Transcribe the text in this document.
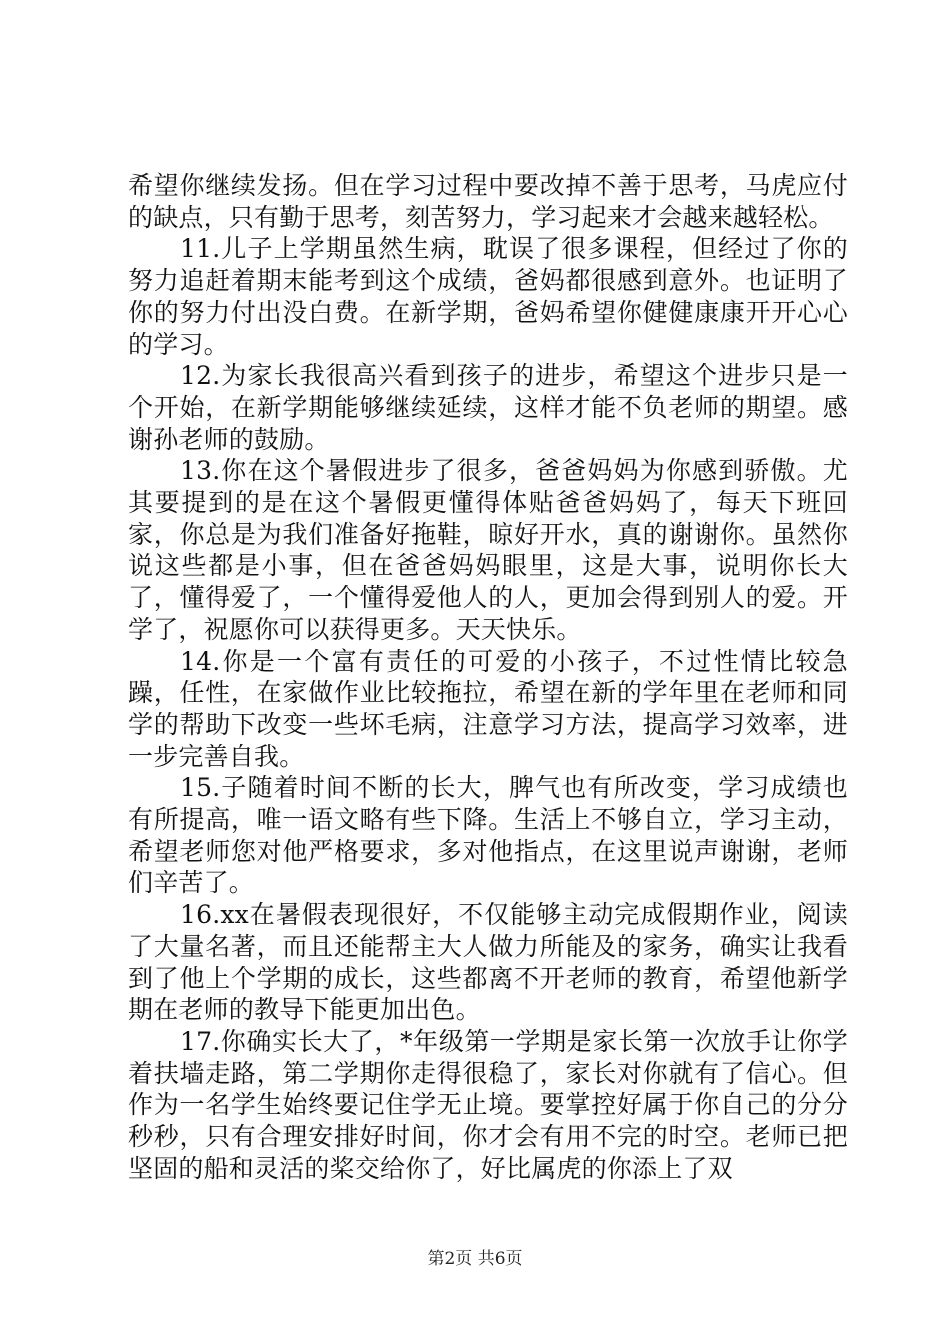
希望你继续发扬。但在学习过程中要改掉不善于思考，马虎应付的缺点，只有勤于思考，刻苦努力，学习起来才会越来越轻松。

11.儿子上学期虽然生病，耽误了很多课程，但经过了你的努力追赶着期末能考到这个成绩，爸妈都很感到意外。也证明了你的努力付出没白费。在新学期，爸妈希望你健健康康开开心心的学习。

12.为家长我很高兴看到孩子的进步，希望这个进步只是一个开始，在新学期能够继续延续，这样才能不负老师的期望。感谢孙老师的鼓励。

13.你在这个暑假进步了很多，爸爸妈妈为你感到骄傲。尤其要提到的是在这个暑假更懂得体贴爸爸妈妈了，每天下班回家，你总是为我们准备好拖鞋，晾好开水，真的谢谢你。虽然你说这些都是小事，但在爸爸妈妈眼里，这是大事，说明你长大了，懂得爱了，一个懂得爱他人的人，更加会得到别人的爱。开学了，祝愿你可以获得更多。天天快乐。

14.你是一个富有责任的可爱的小孩子，不过性情比较急躁，任性，在家做作业比较拖拉，希望在新的学年里在老师和同学的帮助下改变一些坏毛病，注意学习方法，提高学习效率，进一步完善自我。

15.子随着时间不断的长大，脾气也有所改变，学习成绩也有所提高，唯一语文略有些下降。生活上不够自立，学习主动，希望老师您对他严格要求，多对他指点，在这里说声谢谢，老师们辛苦了。

16.xx在暑假表现很好，不仅能够主动完成假期作业，阅读了大量名著，而且还能帮主大人做力所能及的家务，确实让我看到了他上个学期的成长，这些都离不开老师的教育，希望他新学期在老师的教导下能更加出色。

17.你确实长大了，*年级第一学期是家长第一次放手让你学着扶墙走路，第二学期你走得很稳了，家长对你就有了信心。但作为一名学生始终要记住学无止境。要掌控好属于你自己的分分秒秒，只有合理安排好时间，你才会有用不完的时空。老师已把坚固的船和灵活的桨交给你了，好比属虎的你添上了双

第2页 共6页
